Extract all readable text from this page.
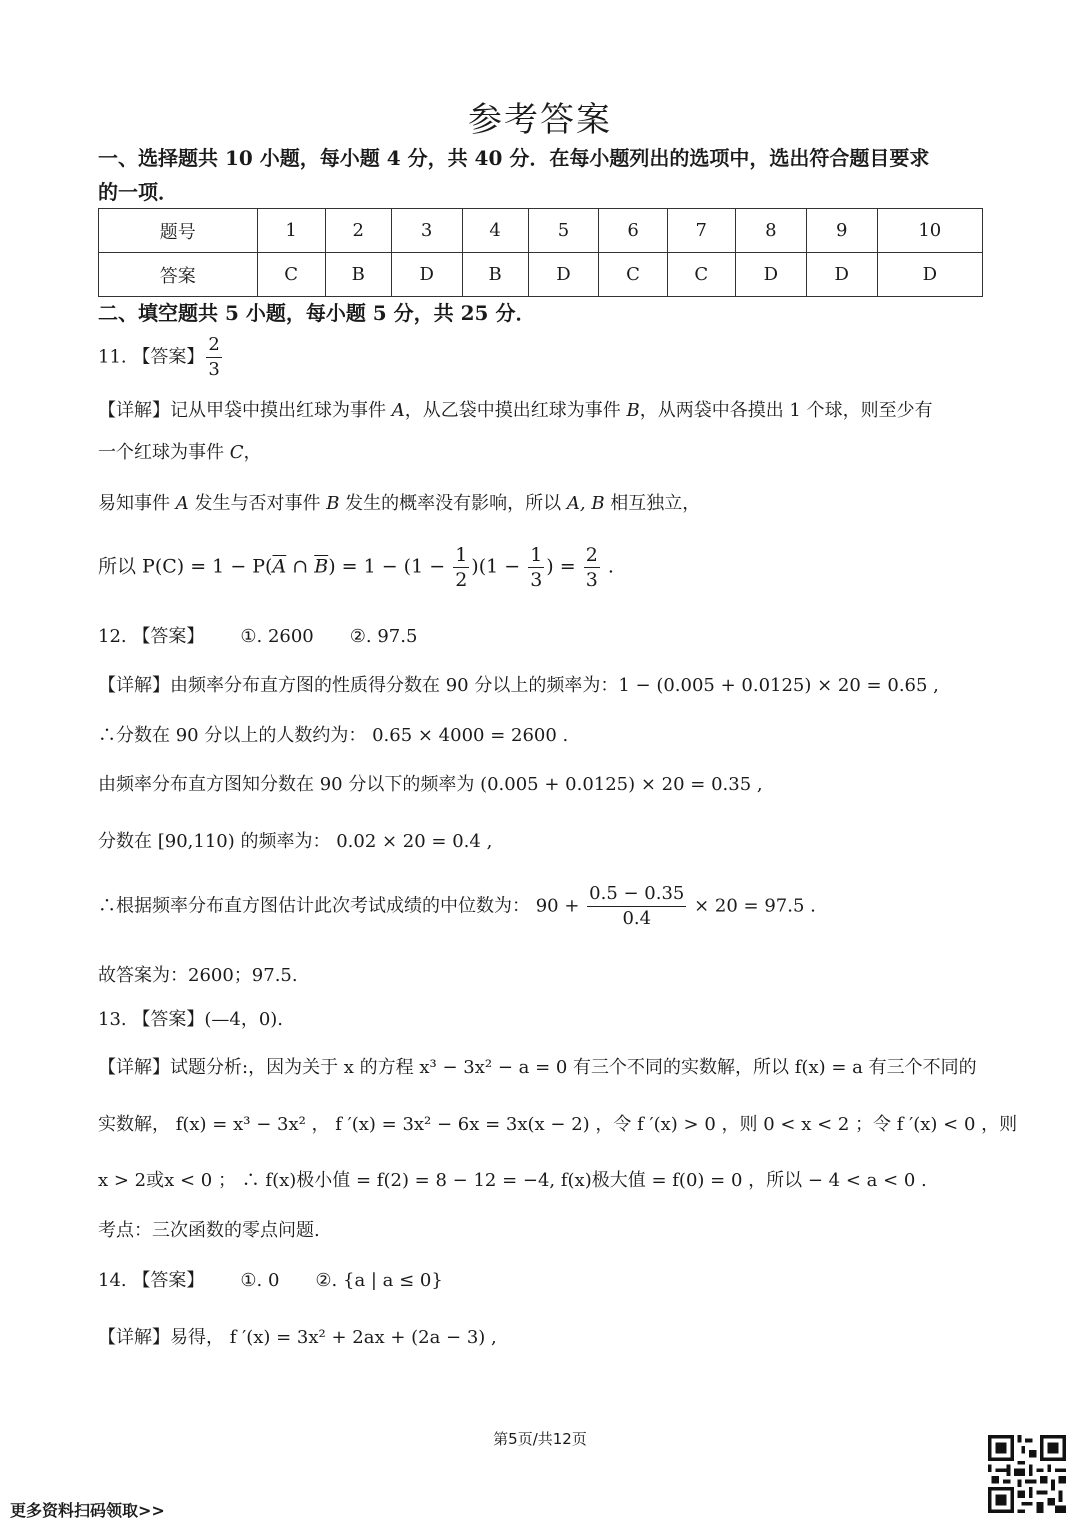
参考答案
一、选择题共 10 小题，每小题 4 分，共 40 分．在每小题列出的选项中，选出符合题目要求
的一项．
题号	1	2	3	4	5	6	7	8	9	10
答案	C	B	D	B	D	C	C	D	D	D
二、填空题共 5 小题，每小题 5 分，共 25 分．
11. 【答案】 $\frac{2}{3}$
【详解】记从甲袋中摸出红球为事件 A，从乙袋中摸出红球为事件 B，从两袋中各摸出 1 个球，则至少有
一个红球为事件 C，
易知事件 A 发生与否对事件 B 发生的概率没有影响，所以 A, B 相互独立，
所以 $P(C) = 1 - P(\overline{A}$ ∩ $\overline{B}) = 1 - (1 - \frac{1}{2} )(1 - \frac{1}{3}$ ) = $\frac{2}{3}$ .
12. 【答案】 ①. 2600 ②. 97.5
【详解】由频率分布直方图的性质得分数在 90 分以上的频率为：1 − (0.005 + 0.0125) × 20 = 0.65 ,
∴分数在 90 分以上的人数约为： 0.65 × 4000 = 2600 .
由频率分布直方图知分数在 90 分以下的频率为 (0.005 + 0.0125) × 20 = 0.35 ,
分数在 [90,110) 的频率为： 0.02 × 20 = 0.4 ,
∴根据频率分布直方图估计此次考试成绩的中位数为： $90 + \frac{0.5 - 0.35}{0.4} \times 20 = 97.5$ .
故答案为：2600；97.5.
13. 【答案】(—4，0).
【详解】试题分析:，因为关于 x 的方程 x³ − 3x² − a = 0 有三个不同的实数解，所以 f(x) = a 有三个不同的
实数解， f(x) = x³ − 3x² ， f ′(x) = 3x² − 6x = 3x(x − 2) ，令 f ′(x) > 0 ，则 0 < x < 2 ；令 f ′(x) < 0 ，则
x > 2或x < 0 ； ∴ f(x)极小值 = f(2) = 8 − 12 = −4, f(x)极大值 = f(0) = 0 ，所以 − 4 < a < 0 .
考点：三次函数的零点问题.
14. 【答案】 ①. 0 ②. {a | a ≤ 0}
【详解】易得， f ′(x) = 3x² + 2ax + (2a − 3) ,
第5页/共12页
更多资料扫码领取>>
